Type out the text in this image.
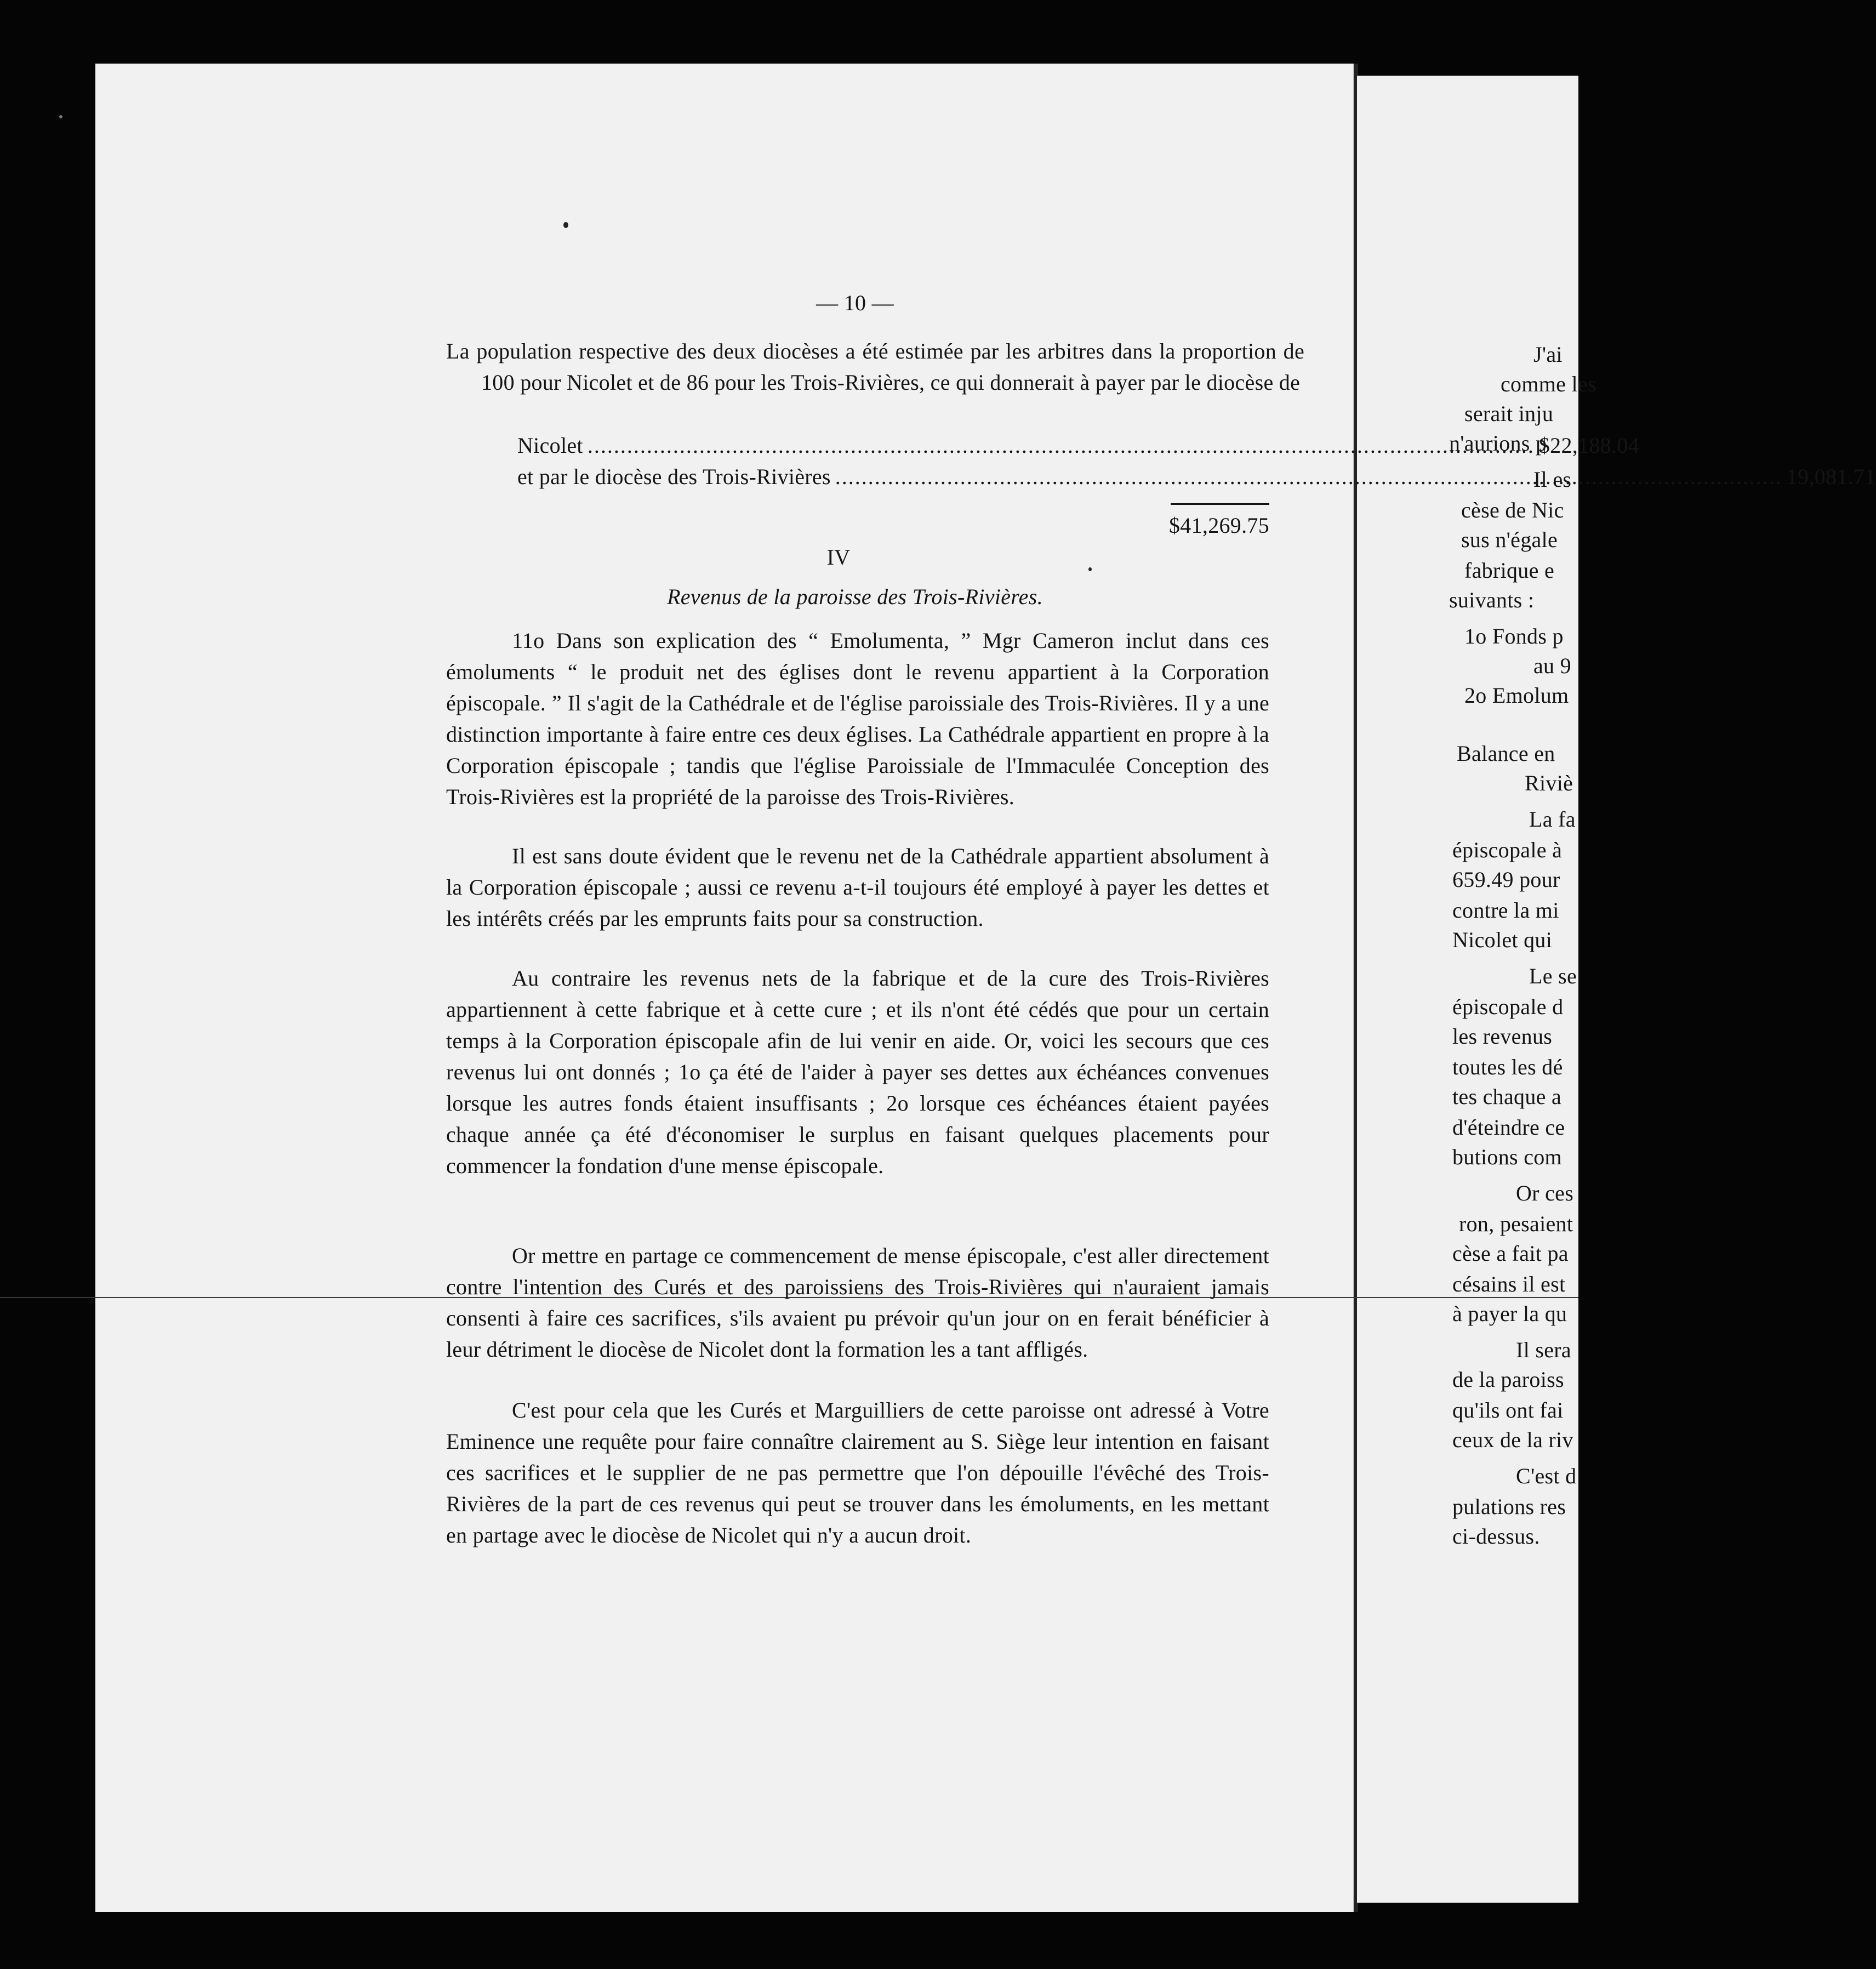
— 10 —
La population respective des deux diocèses a été estimée par les arbitres dans la proportion de 100 pour Nicolet et de 86 pour les Trois-Rivières, ce qui donnerait à payer par le diocèse de
Nicolet .....	$22,188.04
et par le diocèse des Trois-Rivières .....	19,081.71
$41,269.75
IV
Revenus de la paroisse des Trois-Rivières.
11o Dans son explication des “ Emolumenta, ” Mgr Cameron inclut dans ces émoluments “ le produit net des églises dont le revenu appartient à la Corporation épiscopale. ” Il s'agit de la Cathédrale et de l'église paroissiale des Trois-Rivières. Il y a une distinction importante à faire entre ces deux églises. La Cathédrale appartient en propre à la Corporation épiscopale ; tandis que l'église Paroissiale de l'Immaculée Conception des Trois-Rivières est la propriété de la paroisse des Trois-Rivières.
Il est sans doute évident que le revenu net de la Cathédrale appartient absolument à la Corporation épiscopale ; aussi ce revenu a-t-il toujours été employé à payer les dettes et les intérêts créés par les emprunts faits pour sa construction.
Au contraire les revenus nets de la fabrique et de la cure des Trois-Rivières appartiennent à cette fabrique et à cette cure ; et ils n'ont été cédés que pour un certain temps à la Corporation épiscopale afin de lui venir en aide. Or, voici les secours que ces revenus lui ont donnés ; 1o ça été de l'aider à payer ses dettes aux échéances convenues lorsque les autres fonds étaient insuffisants ; 2o lorsque ces échéances étaient payées chaque année ça été d'économiser le surplus en faisant quelques placements pour commencer la fondation d'une mense épiscopale.
Or mettre en partage ce commencement de mense épiscopale, c'est aller directement contre l'intention des Curés et des paroissiens des Trois-Rivières qui n'auraient jamais consenti à faire ces sacrifices, s'ils avaient pu prévoir qu'un jour on en ferait bénéficier à leur détriment le diocèse de Nicolet dont la formation les a tant affligés.
C'est pour cela que les Curés et Marguilliers de cette paroisse ont adressé à Votre Eminence une requête pour faire connaître clairement au S. Siège leur intention en faisant ces sacrifices et le supplier de ne pas permettre que l'on dépouille l'évêché des Trois-Rivières de la part de ces revenus qui peut se trouver dans les émoluments, en les mettant en partage avec le diocèse de Nicolet qui n'y a aucun droit.
J'ai
comme les
serait inju
n'aurions p
Il es
cèse de Nic
sus n'égale
fabrique e
suivants :
1o Fonds p
au 9
2o Emolum
Balance en
Riviè
La fa
épiscopale à
659.49 pour
contre la mi
Nicolet qui
Le se
épiscopale d
les revenus
toutes les dé
tes chaque a
d'éteindre ce
butions com
Or ces
ron, pesaient
cèse a fait pa
césains il est
à payer la qu
Il sera
de la paroiss
qu'ils ont fai
ceux de la riv
C'est d
pulations res
ci-dessus.
